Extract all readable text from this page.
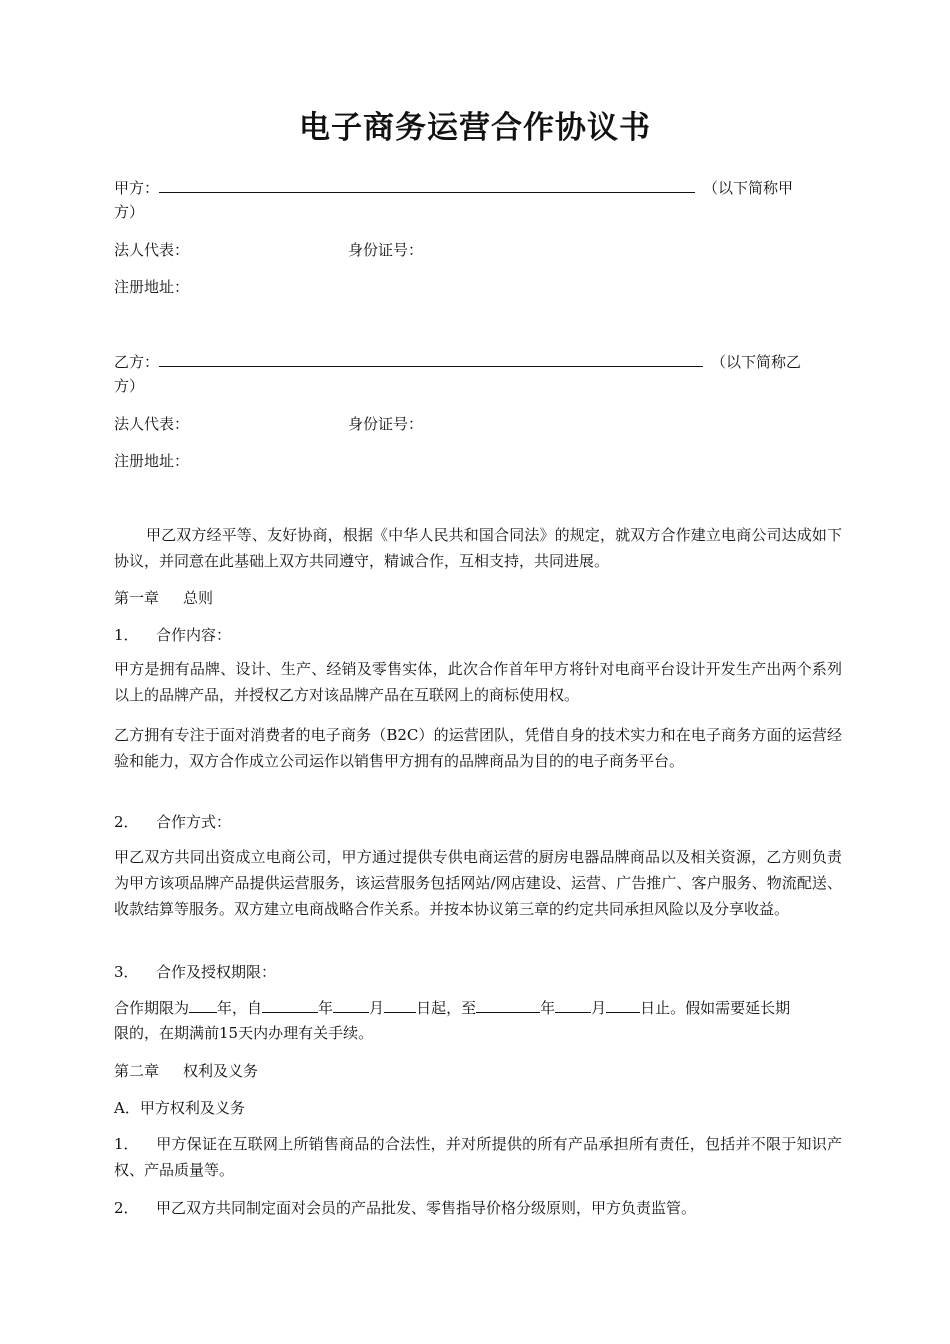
电子商务运营合作协议书
甲方：	（以下简称甲
方）
法人代表：	身份证号：
注册地址：
乙方：	（以下简称乙
方）
法人代表：	身份证号：
注册地址：
甲乙双方经平等、友好协商，根据《中华人民共和国合同法》的规定，就双方合作建立电商公司达成如下协议，并同意在此基础上双方共同遵守，精诚合作，互相支持，共同进展。
第一章 总则
1． 合作内容：
甲方是拥有品牌、设计、生产、经销及零售实体，此次合作首年甲方将针对电商平台设计开发生产出两个系列以上的品牌产品，并授权乙方对该品牌产品在互联网上的商标使用权。
乙方拥有专注于面对消费者的电子商务（B2C）的运营团队，凭借自身的技术实力和在电子商务方面的运营经验和能力，双方合作成立公司运作以销售甲方拥有的品牌商品为目的的电子商务平台。
2． 合作方式：
甲乙双方共同出资成立电商公司，甲方通过提供专供电商运营的厨房电器品牌商品以及相关资源，乙方则负责为甲方该项品牌产品提供运营服务，该运营服务包括网站/网店建设、运营、广告推广、客户服务、物流配送、收款结算等服务。双方建立电商战略合作关系。并按本协议第三章的约定共同承担风险以及分享收益。
3． 合作及授权期限：
合作期限为 年，自	年 月 日起，至	年 月 日止。假如需要延长期
限的，在期满前15天内办理有关手续。
第二章 权利及义务
A．甲方权利及义务
1． 甲方保证在互联网上所销售商品的合法性，并对所提供的所有产品承担所有责任，包括并不限于知识产权、产品质量等。
2． 甲乙双方共同制定面对会员的产品批发、零售指导价格分级原则，甲方负责监管。
